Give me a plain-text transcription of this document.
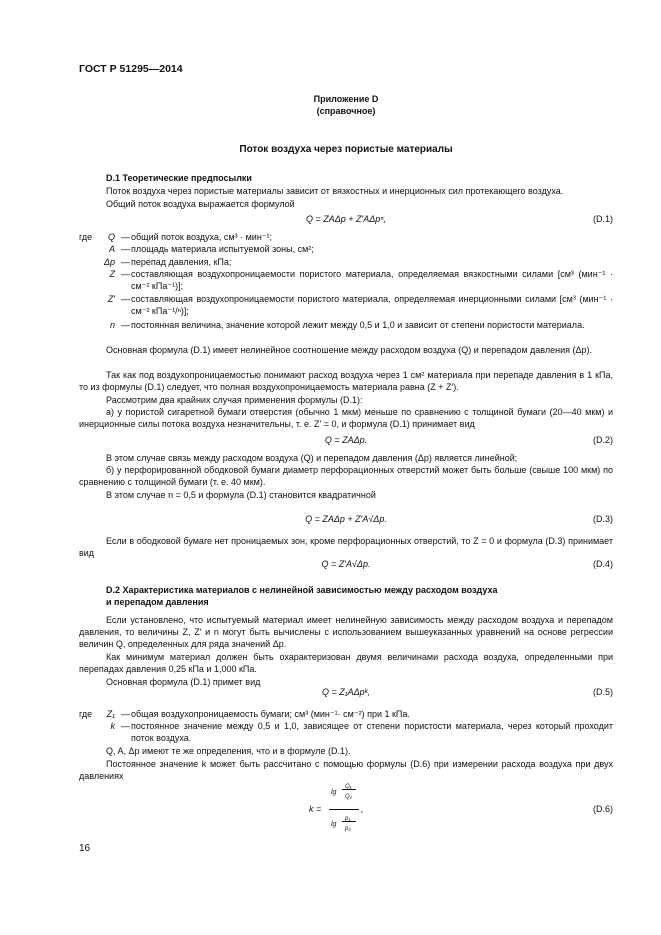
ГОСТ Р 51295—2014
Приложение D
(справочное)
Поток воздуха через пористые материалы
D.1 Теоретические предпосылки
Поток воздуха через пористые материалы зависит от вязкостных и инерционных сил протекающего воздуха.
Общий поток воздуха выражается формулой
Q = ZAΔp + Z′AΔpⁿ,	(D.1)
где	Q — общий поток воздуха, см³ · мин⁻¹;
A — площадь материала испытуемой зоны, см²;
Δp — перепад давления, кПа;
Z — составляющая воздухопроницаемости пористого материала, определяемая вязкостными силами [см³ (мин⁻¹ · см⁻² кПа⁻¹)];
Z′ — составляющая воздухопроницаемости пористого материала, определяемая инерционными силами [см³ (мин⁻¹ · см⁻² кПа⁻¹/ⁿ)];
n — постоянная величина, значение которой лежит между 0,5 и 1,0 и зависит от степени пористости материала.
Основная формула (D.1) имеет нелинейное соотношение между расходом воздуха (Q) и перепадом давления (Δp).
Так как под воздухопроницаемостью понимают расход воздуха через 1 см² материала при перепаде давления в 1 кПа, то из формулы (D.1) следует, что полная воздухопроницаемость материала равна (Z + Z′).
Рассмотрим два крайних случая применения формулы (D.1):
а) у пористой сигаретной бумаги отверстия (обычно 1 мкм) меньше по сравнению с толщиной бумаги (20—40 мкм) и инерционные силы потока воздуха незначительны, т. е. Z′ = 0, и формула (D.1) принимает вид
Q = ZAΔp.	(D.2)
В этом случае связь между расходом воздуха (Q) и перепадом давления (Δp) является линейной;
б) у перфорированной ободковой бумаги диаметр перфорационных отверстий может быть больше (свыше 100 мкм) по сравнению с толщиной бумаги (т. е. 40 мкм).
В этом случае n = 0,5 и формула (D.1) становится квадратичной
Q = ZAΔp + Z′A√Δp.	(D.3)
Если в ободковой бумаге нет проницаемых зон, кроме перфорационных отверстий, то Z = 0 и формула (D.3) принимает вид
Q = Z′A√Δp.	(D.4)
D.2 Характеристика материалов с нелинейной зависимостью между расходом воздуха
и перепадом давления
Если установлено, что испытуемый материал имеет нелинейную зависимость между расходом воздуха и перепадом давления, то величины Z, Z′ и n могут быть вычислены с использованием вышеуказанных уравнений на основе регрессии величин Q, определенных для ряда значений Δp.
Как минимум материал должен быть охарактеризован двумя величинами расхода воздуха, определенными при перепадах давления 0,25 кПа и 1,000 кПа.
Основная формула (D.1) примет вид
Q = Z₁AΔpᵏ,	(D.5)
где	Z₁ — общая воздухопроницаемость бумаги; см³ (мин⁻¹· см⁻²) при 1 кПа.
k — постоянное значение между 0,5 и 1,0, зависящее от степени пористости материала, через который проходит поток воздуха.
Q, A, Δp имеют те же определения, что и в формуле (D.1).
Постоянное значение k может быть рассчитано с помощью формулы (D.6) при измерении расхода воздуха при двух давлениях
k =
lg
Q₁
Q₂
,
lg
p₁
p₂
(D.6)
16
